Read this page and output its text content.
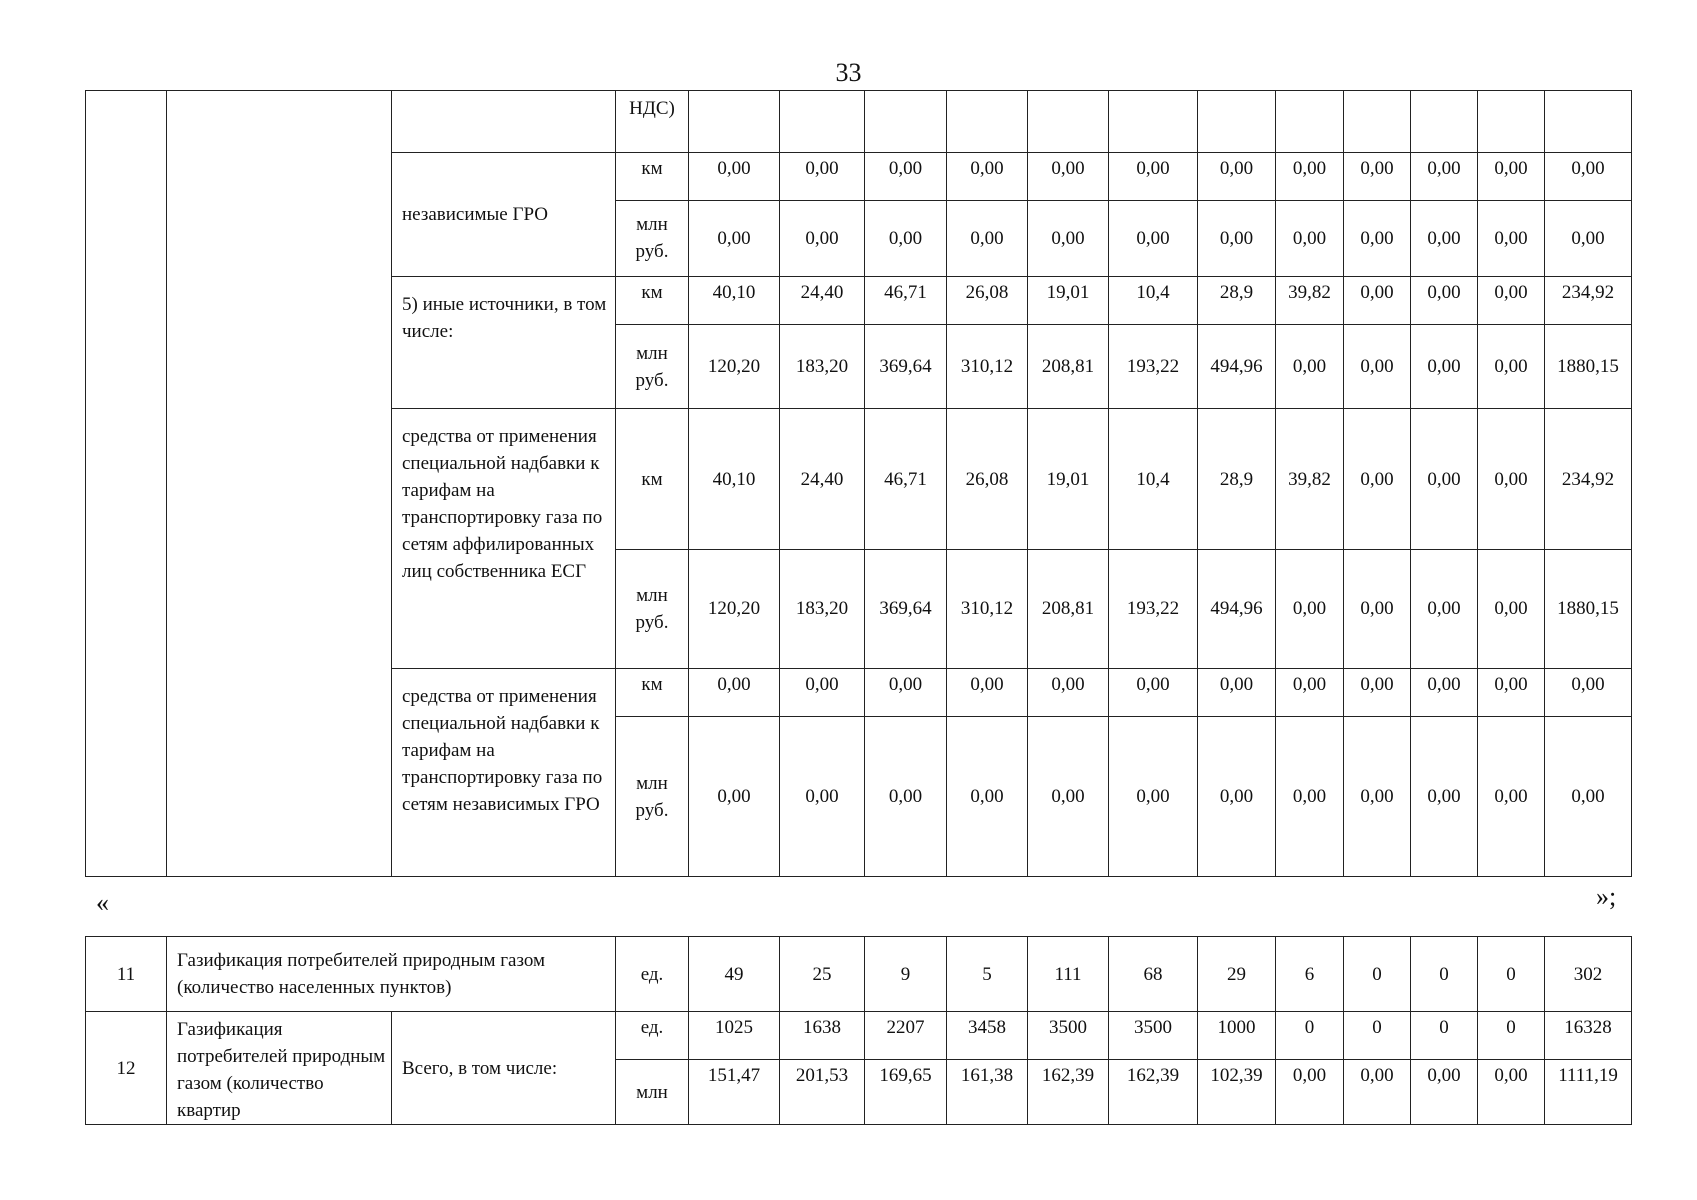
33
			НДС)												
		независимые ГРО	км	0,00	0,00	0,00	0,00	0,00	0,00	0,00	0,00	0,00	0,00	0,00	0,00
			млн руб.	0,00	0,00	0,00	0,00	0,00	0,00	0,00	0,00	0,00	0,00	0,00	0,00
		5) иные источники, в том числе:	км	40,10	24,40	46,71	26,08	19,01	10,4	28,9	39,82	0,00	0,00	0,00	234,92
			млн руб.	120,20	183,20	369,64	310,12	208,81	193,22	494,96	0,00	0,00	0,00	0,00	1880,15
		средства от применения специальной надбавки к тарифам на транспортировку газа по сетям аффилированных лиц собственника ЕСГ	км	40,10	24,40	46,71	26,08	19,01	10,4	28,9	39,82	0,00	0,00	0,00	234,92
			млн руб.	120,20	183,20	369,64	310,12	208,81	193,22	494,96	0,00	0,00	0,00	0,00	1880,15
		средства от применения специальной надбавки к тарифам на транспортировку газа по сетям независимых ГРО	км	0,00	0,00	0,00	0,00	0,00	0,00	0,00	0,00	0,00	0,00	0,00	0,00
			млн руб.	0,00	0,00	0,00	0,00	0,00	0,00	0,00	0,00	0,00	0,00	0,00	0,00
«	»;
11	Газификация потребителей природным газом (количество населенных пунктов)		ед.	49	25	9	5	111	68	29	6	0	0	0	302
12	Газификация потребителей природным газом (количество квартир	Всего, в том числе:	ед.	1025	1638	2207	3458	3500	3500	1000	0	0	0	0	16328
			млн	151,47	201,53	169,65	161,38	162,39	162,39	102,39	0,00	0,00	0,00	0,00	1111,19
